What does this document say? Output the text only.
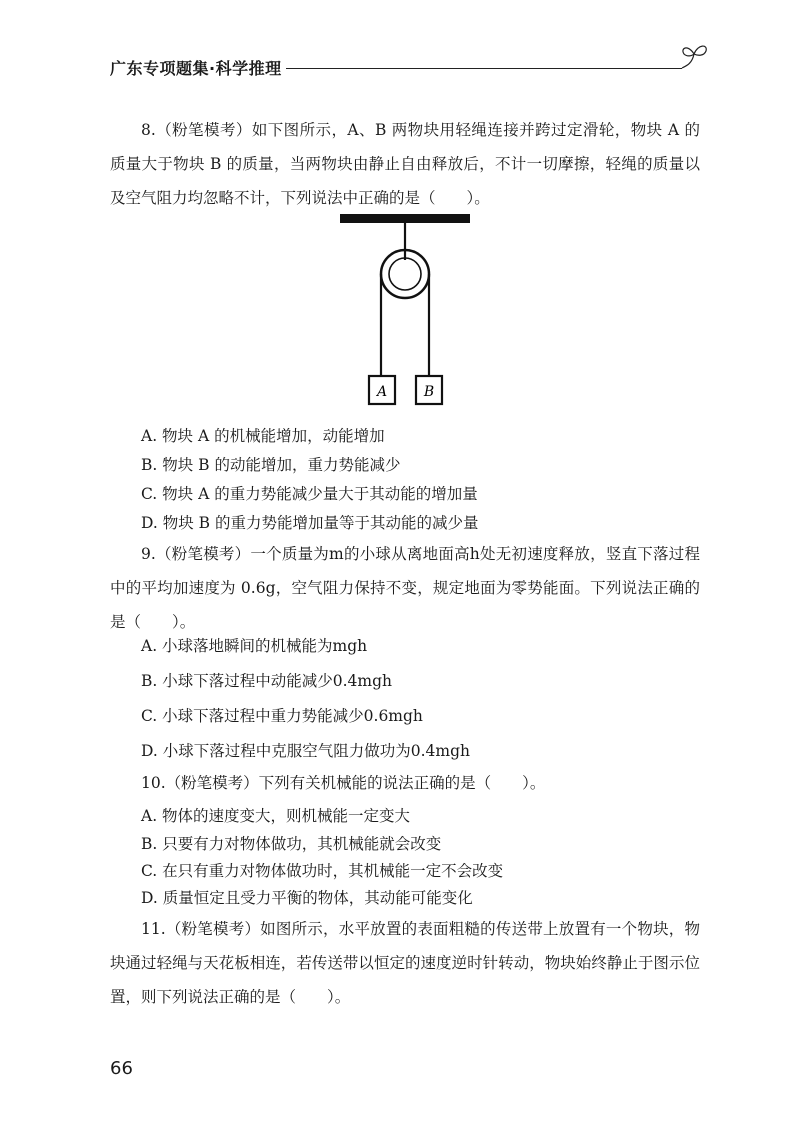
广东专项题集·科学推理
8.（粉笔模考）如下图所示，A、B 两物块用轻绳连接并跨过定滑轮，物块 A 的质量大于物块 B 的质量，当两物块由静止自由释放后，不计一切摩擦，轻绳的质量以及空气阻力均忽略不计，下列说法中正确的是（　　）。
A	B
A. 物块 A 的机械能增加，动能增加
B. 物块 B 的动能增加，重力势能减少
C. 物块 A 的重力势能减少量大于其动能的增加量
D. 物块 B 的重力势能增加量等于其动能的减少量
9.（粉笔模考）一个质量为m的小球从离地面高h处无初速度释放，竖直下落过程中的平均加速度为 0.6g，空气阻力保持不变，规定地面为零势能面。下列说法正确的是（　　）。
A. 小球落地瞬间的机械能为mgh
B. 小球下落过程中动能减少0.4mgh
C. 小球下落过程中重力势能减少0.6mgh
D. 小球下落过程中克服空气阻力做功为0.4mgh
10.（粉笔模考）下列有关机械能的说法正确的是（　　）。
A. 物体的速度变大，则机械能一定变大
B. 只要有力对物体做功，其机械能就会改变
C. 在只有重力对物体做功时，其机械能一定不会改变
D. 质量恒定且受力平衡的物体，其动能可能变化
11.（粉笔模考）如图所示，水平放置的表面粗糙的传送带上放置有一个物块，物块通过轻绳与天花板相连，若传送带以恒定的速度逆时针转动，物块始终静止于图示位置，则下列说法正确的是（　　）。
66
